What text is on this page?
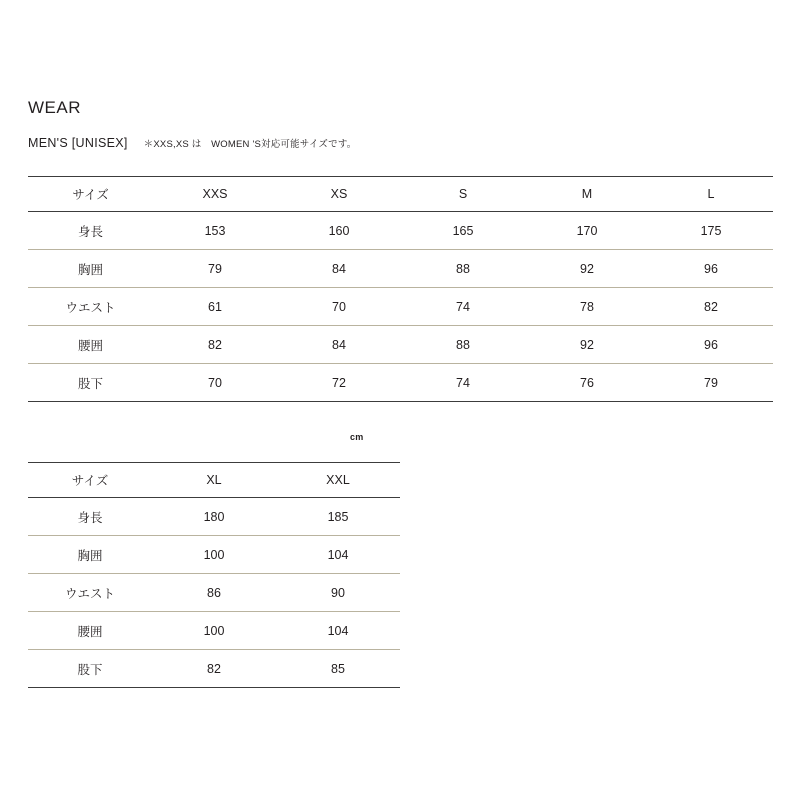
WEAR
MEN'S [UNISEX] ＊XXS,XS は　WOMEN 'S対応可能サイズです。
サイズ	XXS	XS	S	M	L
身長	153	160	165	170	175
胸囲	79	84	88	92	96
ウエスト	61	70	74	78	82
腰囲	82	84	88	92	96
股下	70	72	74	76	79
cm
サイズ	XL	XXL
身長	180	185
胸囲	100	104
ウエスト	86	90
腰囲	100	104
股下	82	85
